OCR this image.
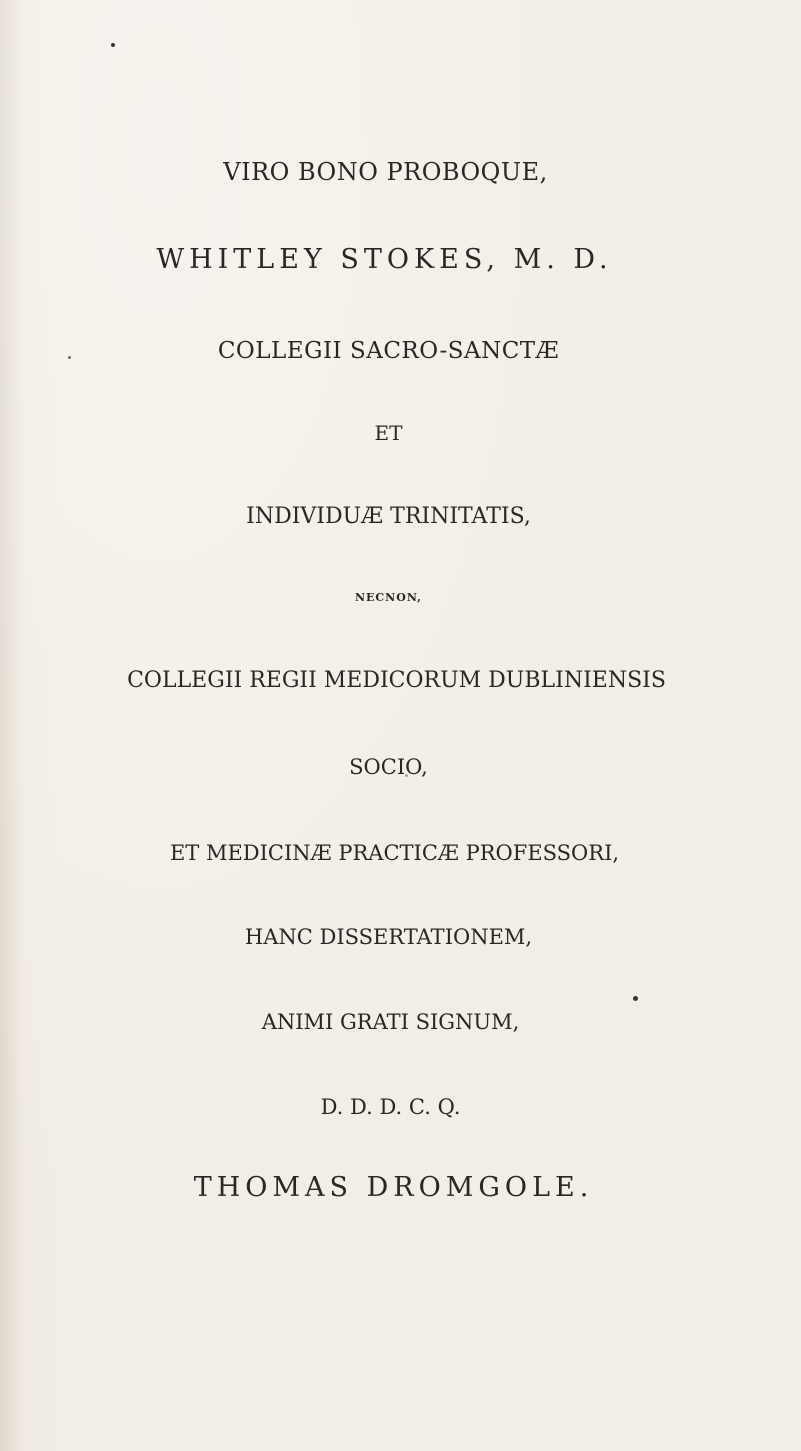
VIRO BONO PROBOQUE,
WHITLEY STOKES, M. D.
COLLEGII SACRO-SANCTÆ
ET
INDIVIDUÆ TRINITATIS,
NECNON,
COLLEGII REGII MEDICORUM DUBLINIENSIS
SOCIO,
ET MEDICINÆ PRACTICÆ PROFESSORI,
HANC DISSERTATIONEM,
ANIMI GRATI SIGNUM,
D. D. D. C. Q.
THOMAS DROMGOLE.
